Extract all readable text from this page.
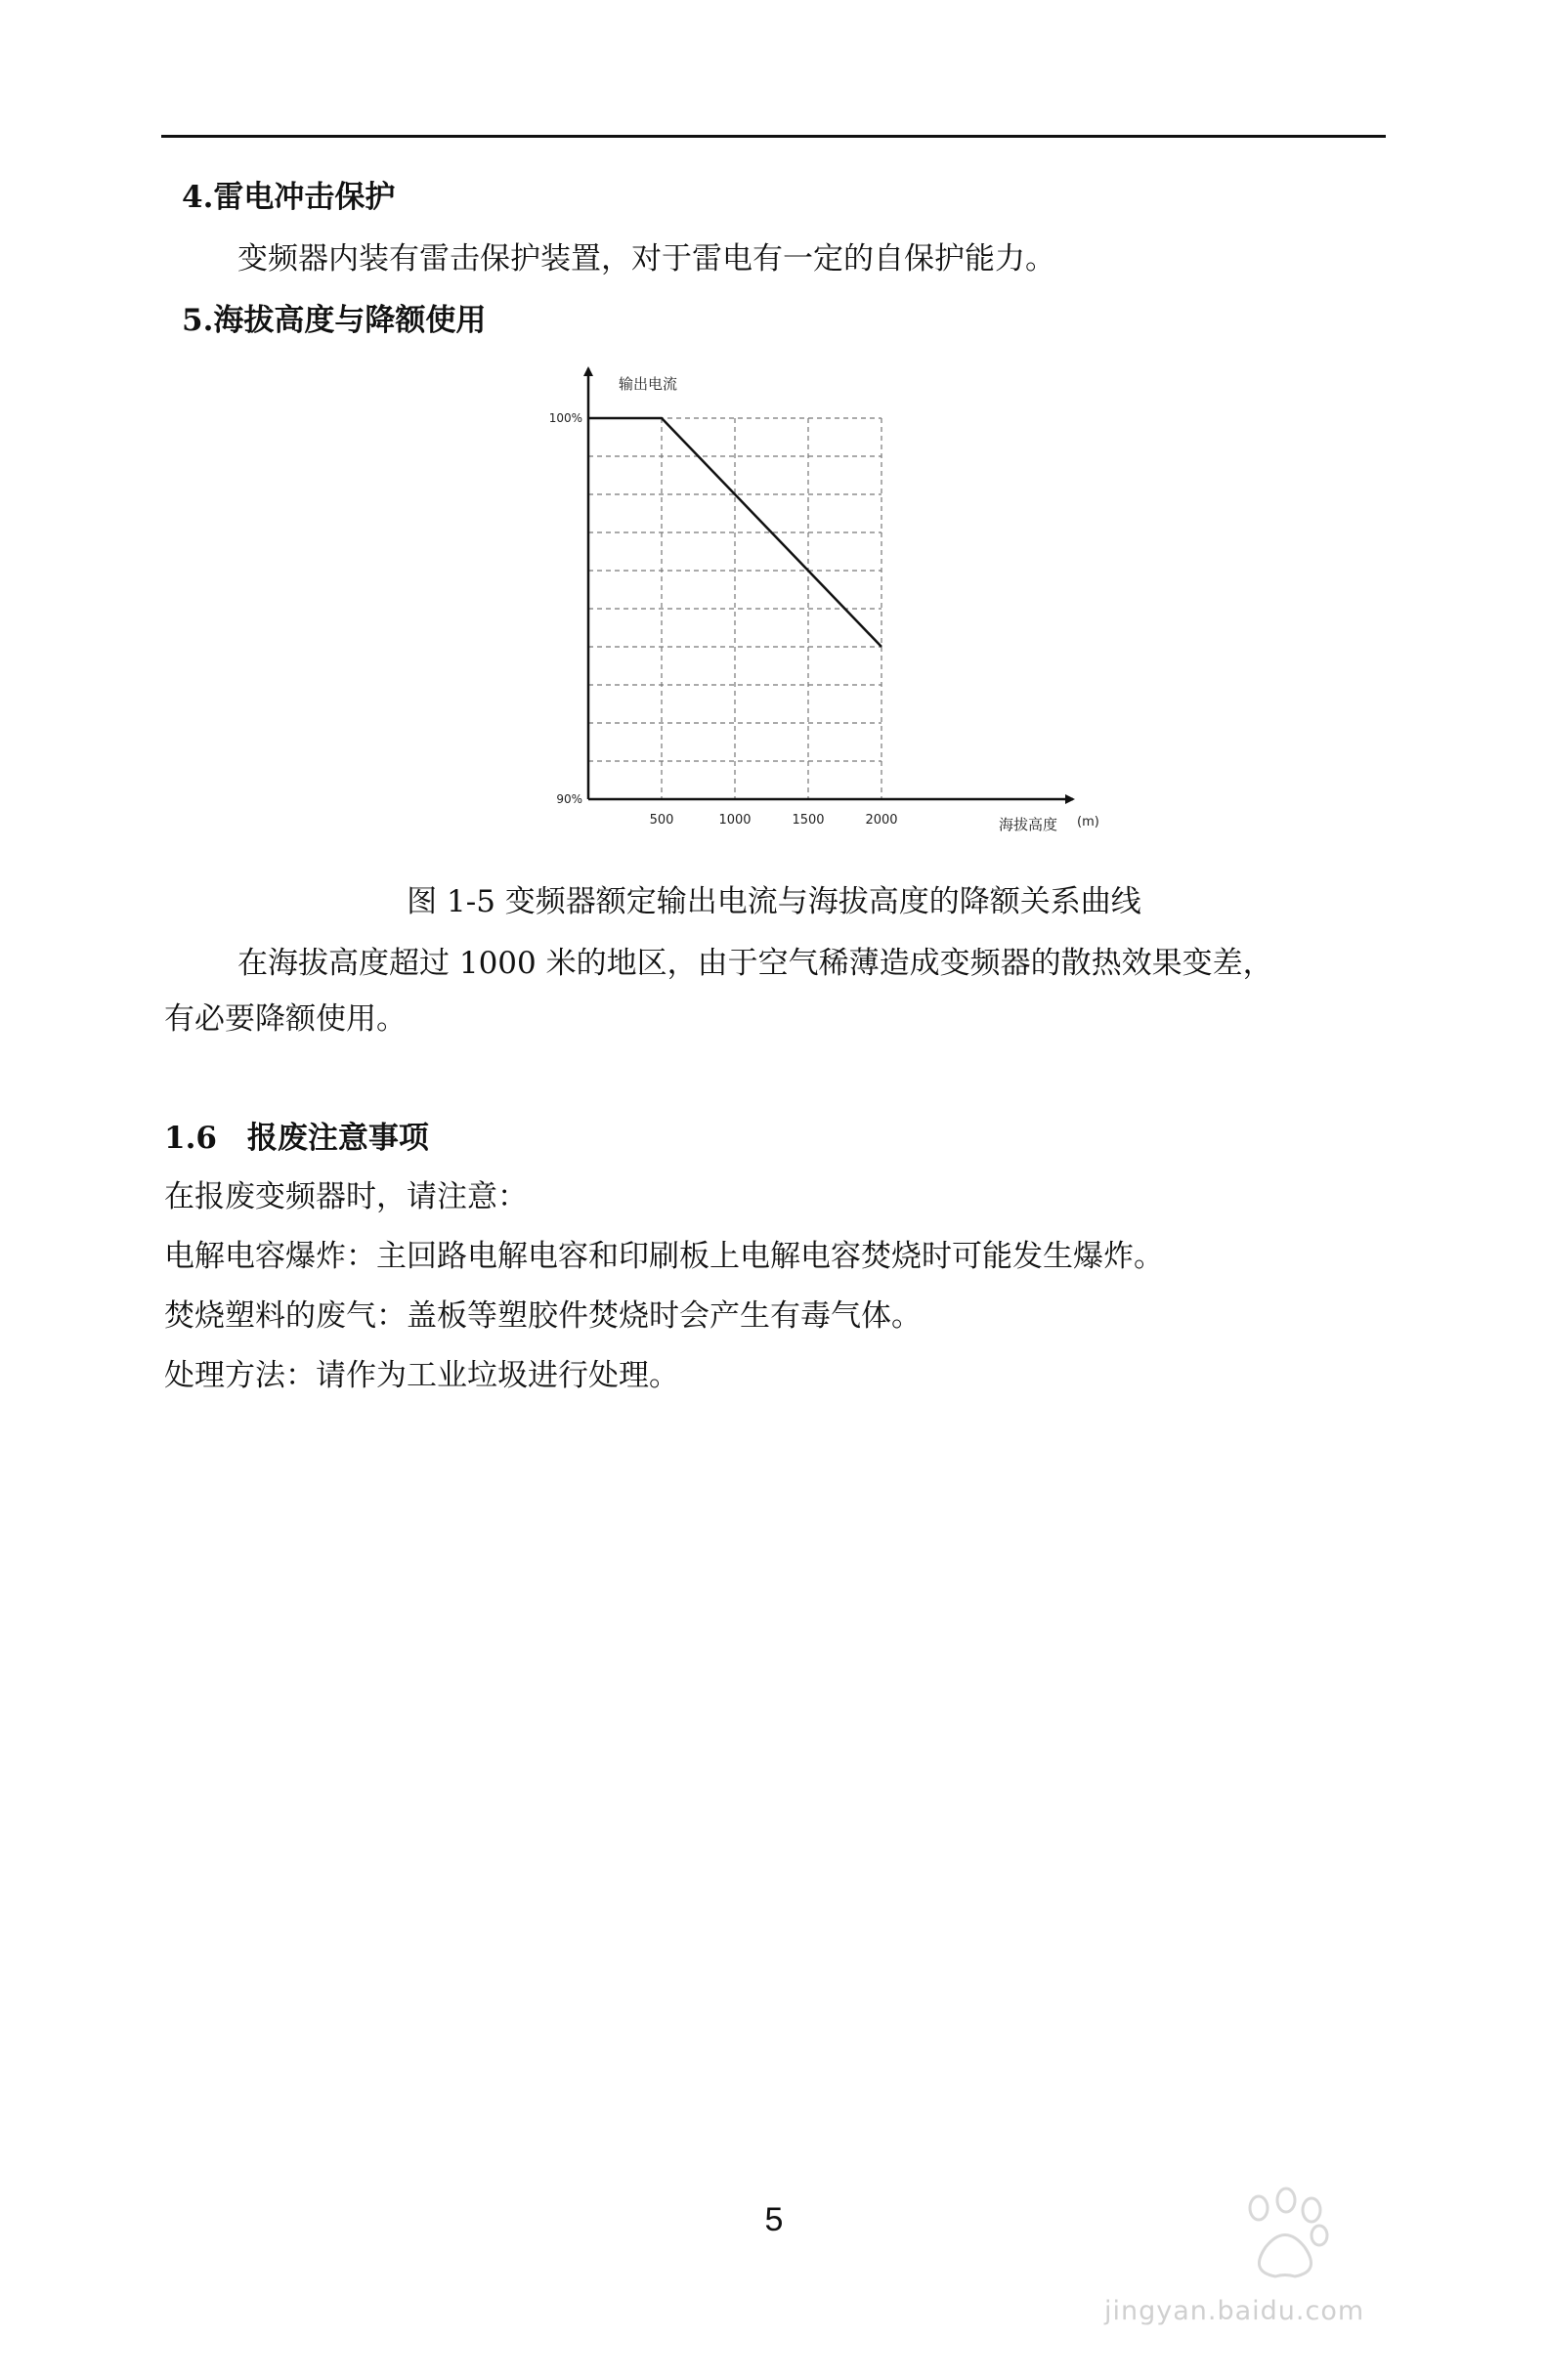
4.雷电冲击保护
变频器内装有雷击保护装置，对于雷电有一定的自保护能力。
5.海拔高度与降额使用
输出电流
100%
90%
500	1000	1500	2000	海拔高度 (m)
图 1-5 变频器额定输出电流与海拔高度的降额关系曲线
在海拔高度超过 1000 米的地区，由于空气稀薄造成变频器的散热效果变差，
有必要降额使用。
1.6　报废注意事项
在报废变频器时，请注意：
电解电容爆炸：主回路电解电容和印刷板上电解电容焚烧时可能发生爆炸。
焚烧塑料的废气：盖板等塑胶件焚烧时会产生有毒气体。
处理方法：请作为工业垃圾进行处理。
5
jingyan.baidu.com
